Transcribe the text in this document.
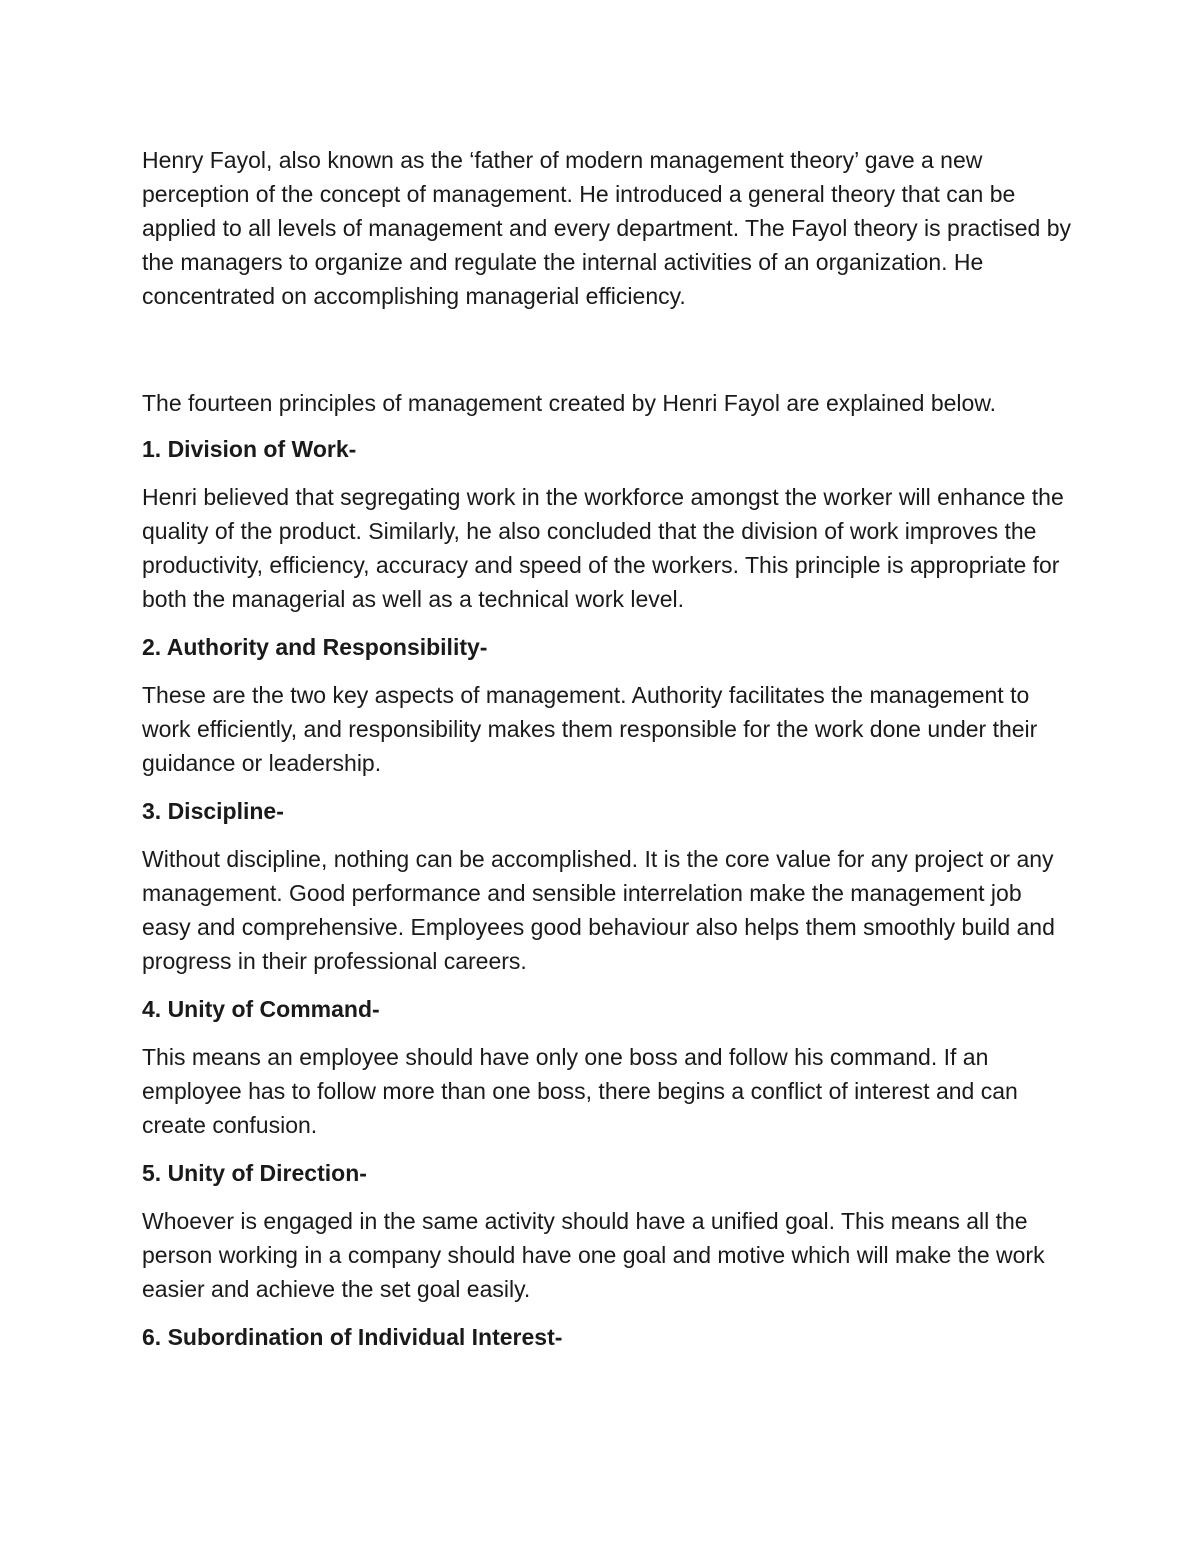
Henry Fayol, also known as the ‘father of modern management theory’ gave a new perception of the concept of management. He introduced a general theory that can be applied to all levels of management and every department. The Fayol theory is practised by the managers to organize and regulate the internal activities of an organization. He concentrated on accomplishing managerial efficiency.

The fourteen principles of management created by Henri Fayol are explained below.

1. Division of Work-

Henri believed that segregating work in the workforce amongst the worker will enhance the quality of the product. Similarly, he also concluded that the division of work improves the productivity, efficiency, accuracy and speed of the workers. This principle is appropriate for both the managerial as well as a technical work level.

2. Authority and Responsibility-

These are the two key aspects of management. Authority facilitates the management to work efficiently, and responsibility makes them responsible for the work done under their guidance or leadership.

3. Discipline-

Without discipline, nothing can be accomplished. It is the core value for any project or any management. Good performance and sensible interrelation make the management job easy and comprehensive. Employees good behaviour also helps them smoothly build and progress in their professional careers.

4. Unity of Command-

This means an employee should have only one boss and follow his command. If an employee has to follow more than one boss, there begins a conflict of interest and can create confusion.

5. Unity of Direction-

Whoever is engaged in the same activity should have a unified goal. This means all the person working in a company should have one goal and motive which will make the work easier and achieve the set goal easily.

6. Subordination of Individual Interest-
